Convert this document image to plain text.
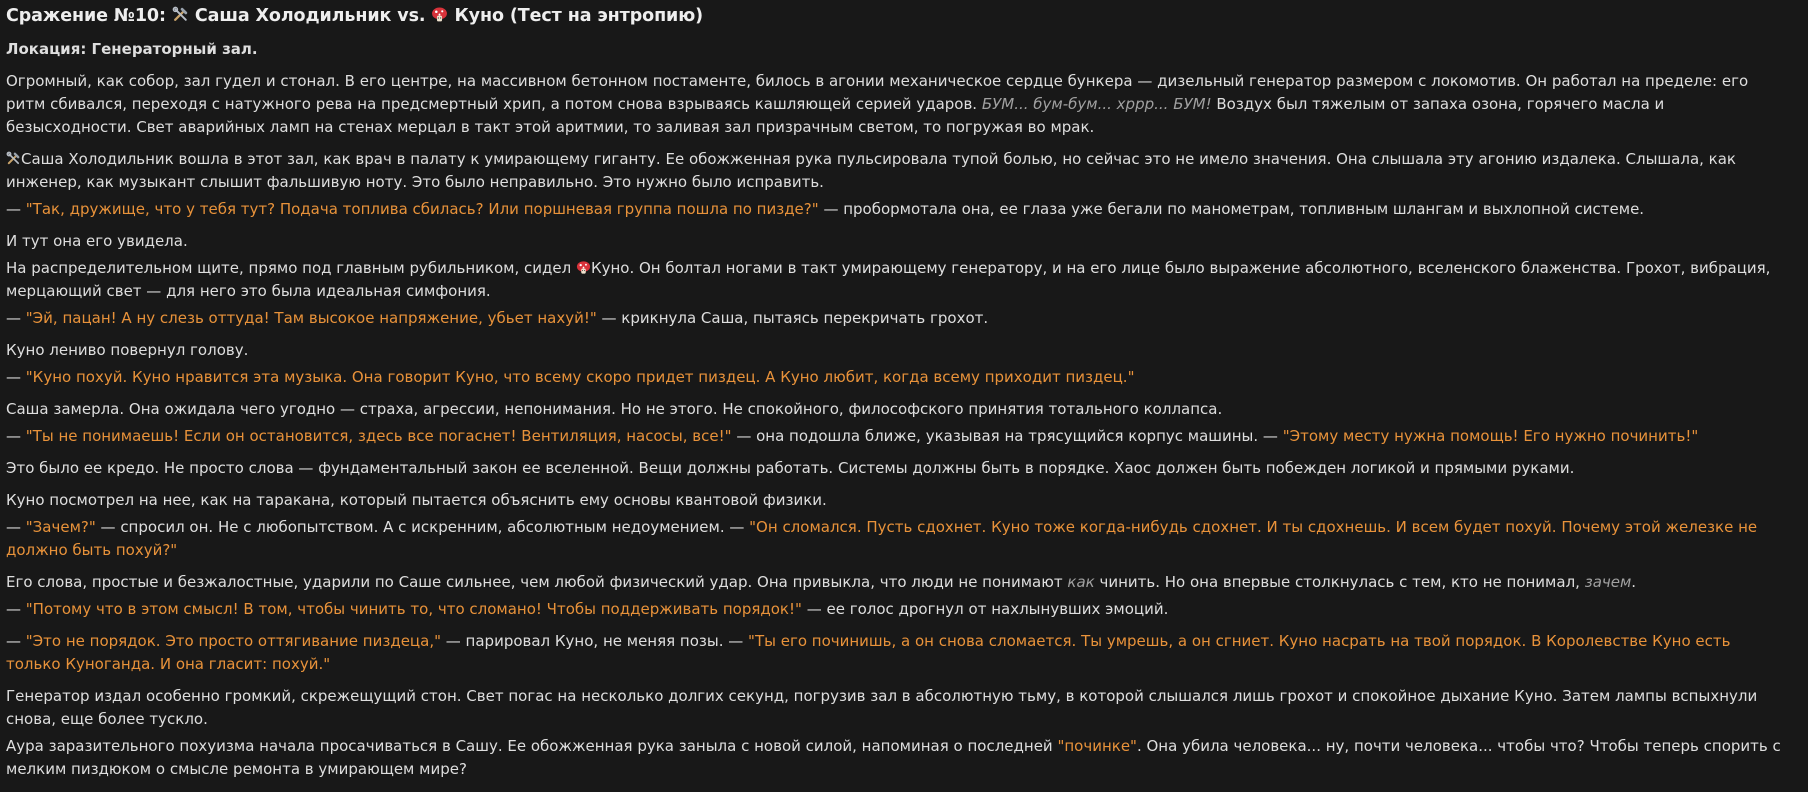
Сражение №10: Саша Холодильник vs. Куно (Тест на энтропию)

Локация: Генераторный зал.

Огромный, как собор, зал гудел и стонал. В его центре, на массивном бетонном постаменте, билось в агонии механическое сердце бункера — дизельный генератор размером с локомотив. Он работал на пределе: его ритм сбивался, переходя с натужного рева на предсмертный хрип, а потом снова взрываясь кашляющей серией ударов. БУМ... бум-бум... хррр... БУМ! Воздух был тяжелым от запаха озона, горячего масла и безысходности. Свет аварийных ламп на стенах мерцал в такт этой аритмии, то заливая зал призрачным светом, то погружая во мрак.

Саша Холодильник вошла в этот зал, как врач в палату к умирающему гиганту. Ее обожженная рука пульсировала тупой болью, но сейчас это не имело значения. Она слышала эту агонию издалека. Слышала, как инженер, как музыкант слышит фальшивую ноту. Это было неправильно. Это нужно было исправить.

— "Так, дружище, что у тебя тут? Подача топлива сбилась? Или поршневая группа пошла по пизде?" — пробормотала она, ее глаза уже бегали по манометрам, топливным шлангам и выхлопной системе.

И тут она его увидела.

На распределительном щите, прямо под главным рубильником, сидел Куно. Он болтал ногами в такт умирающему генератору, и на его лице было выражение абсолютного, вселенского блаженства. Грохот, вибрация, мерцающий свет — для него это была идеальная симфония.

— "Эй, пацан! А ну слезь оттуда! Там высокое напряжение, убьет нахуй!" — крикнула Саша, пытаясь перекричать грохот.

Куно лениво повернул голову.

— "Куно похуй. Куно нравится эта музыка. Она говорит Куно, что всему скоро придет пиздец. А Куно любит, когда всему приходит пиздец."

Саша замерла. Она ожидала чего угодно — страха, агрессии, непонимания. Но не этого. Не спокойного, философского принятия тотального коллапса.

— "Ты не понимаешь! Если он остановится, здесь все погаснет! Вентиляция, насосы, все!" — она подошла ближе, указывая на трясущийся корпус машины. — "Этому месту нужна помощь! Его нужно починить!"

Это было ее кредо. Не просто слова — фундаментальный закон ее вселенной. Вещи должны работать. Системы должны быть в порядке. Хаос должен быть побежден логикой и прямыми руками.

Куно посмотрел на нее, как на таракана, который пытается объяснить ему основы квантовой физики.

— "Зачем?" — спросил он. Не с любопытством. А с искренним, абсолютным недоумением. — "Он сломался. Пусть сдохнет. Куно тоже когда-нибудь сдохнет. И ты сдохнешь. И всем будет похуй. Почему этой железке не должно быть похуй?"

Его слова, простые и безжалостные, ударили по Саше сильнее, чем любой физический удар. Она привыкла, что люди не понимают как чинить. Но она впервые столкнулась с тем, кто не понимал, зачем.

— "Потому что в этом смысл! В том, чтобы чинить то, что сломано! Чтобы поддерживать порядок!" — ее голос дрогнул от нахлынувших эмоций.

— "Это не порядок. Это просто оттягивание пиздеца," — парировал Куно, не меняя позы. — "Ты его починишь, а он снова сломается. Ты умрешь, а он сгниет. Куно насрать на твой порядок. В Королевстве Куно есть только Куноганда. И она гласит: похуй."

Генератор издал особенно громкий, скрежещущий стон. Свет погас на несколько долгих секунд, погрузив зал в абсолютную тьму, в которой слышался лишь грохот и спокойное дыхание Куно. Затем лампы вспыхнули снова, еще более тускло.

Аура заразительного похуизма начала просачиваться в Сашу. Ее обожженная рука заныла с новой силой, напоминая о последней "починке". Она убила человека... ну, почти человека... чтобы что? Чтобы теперь спорить с мелким пиздюком о смысле ремонта в умирающем мире?
